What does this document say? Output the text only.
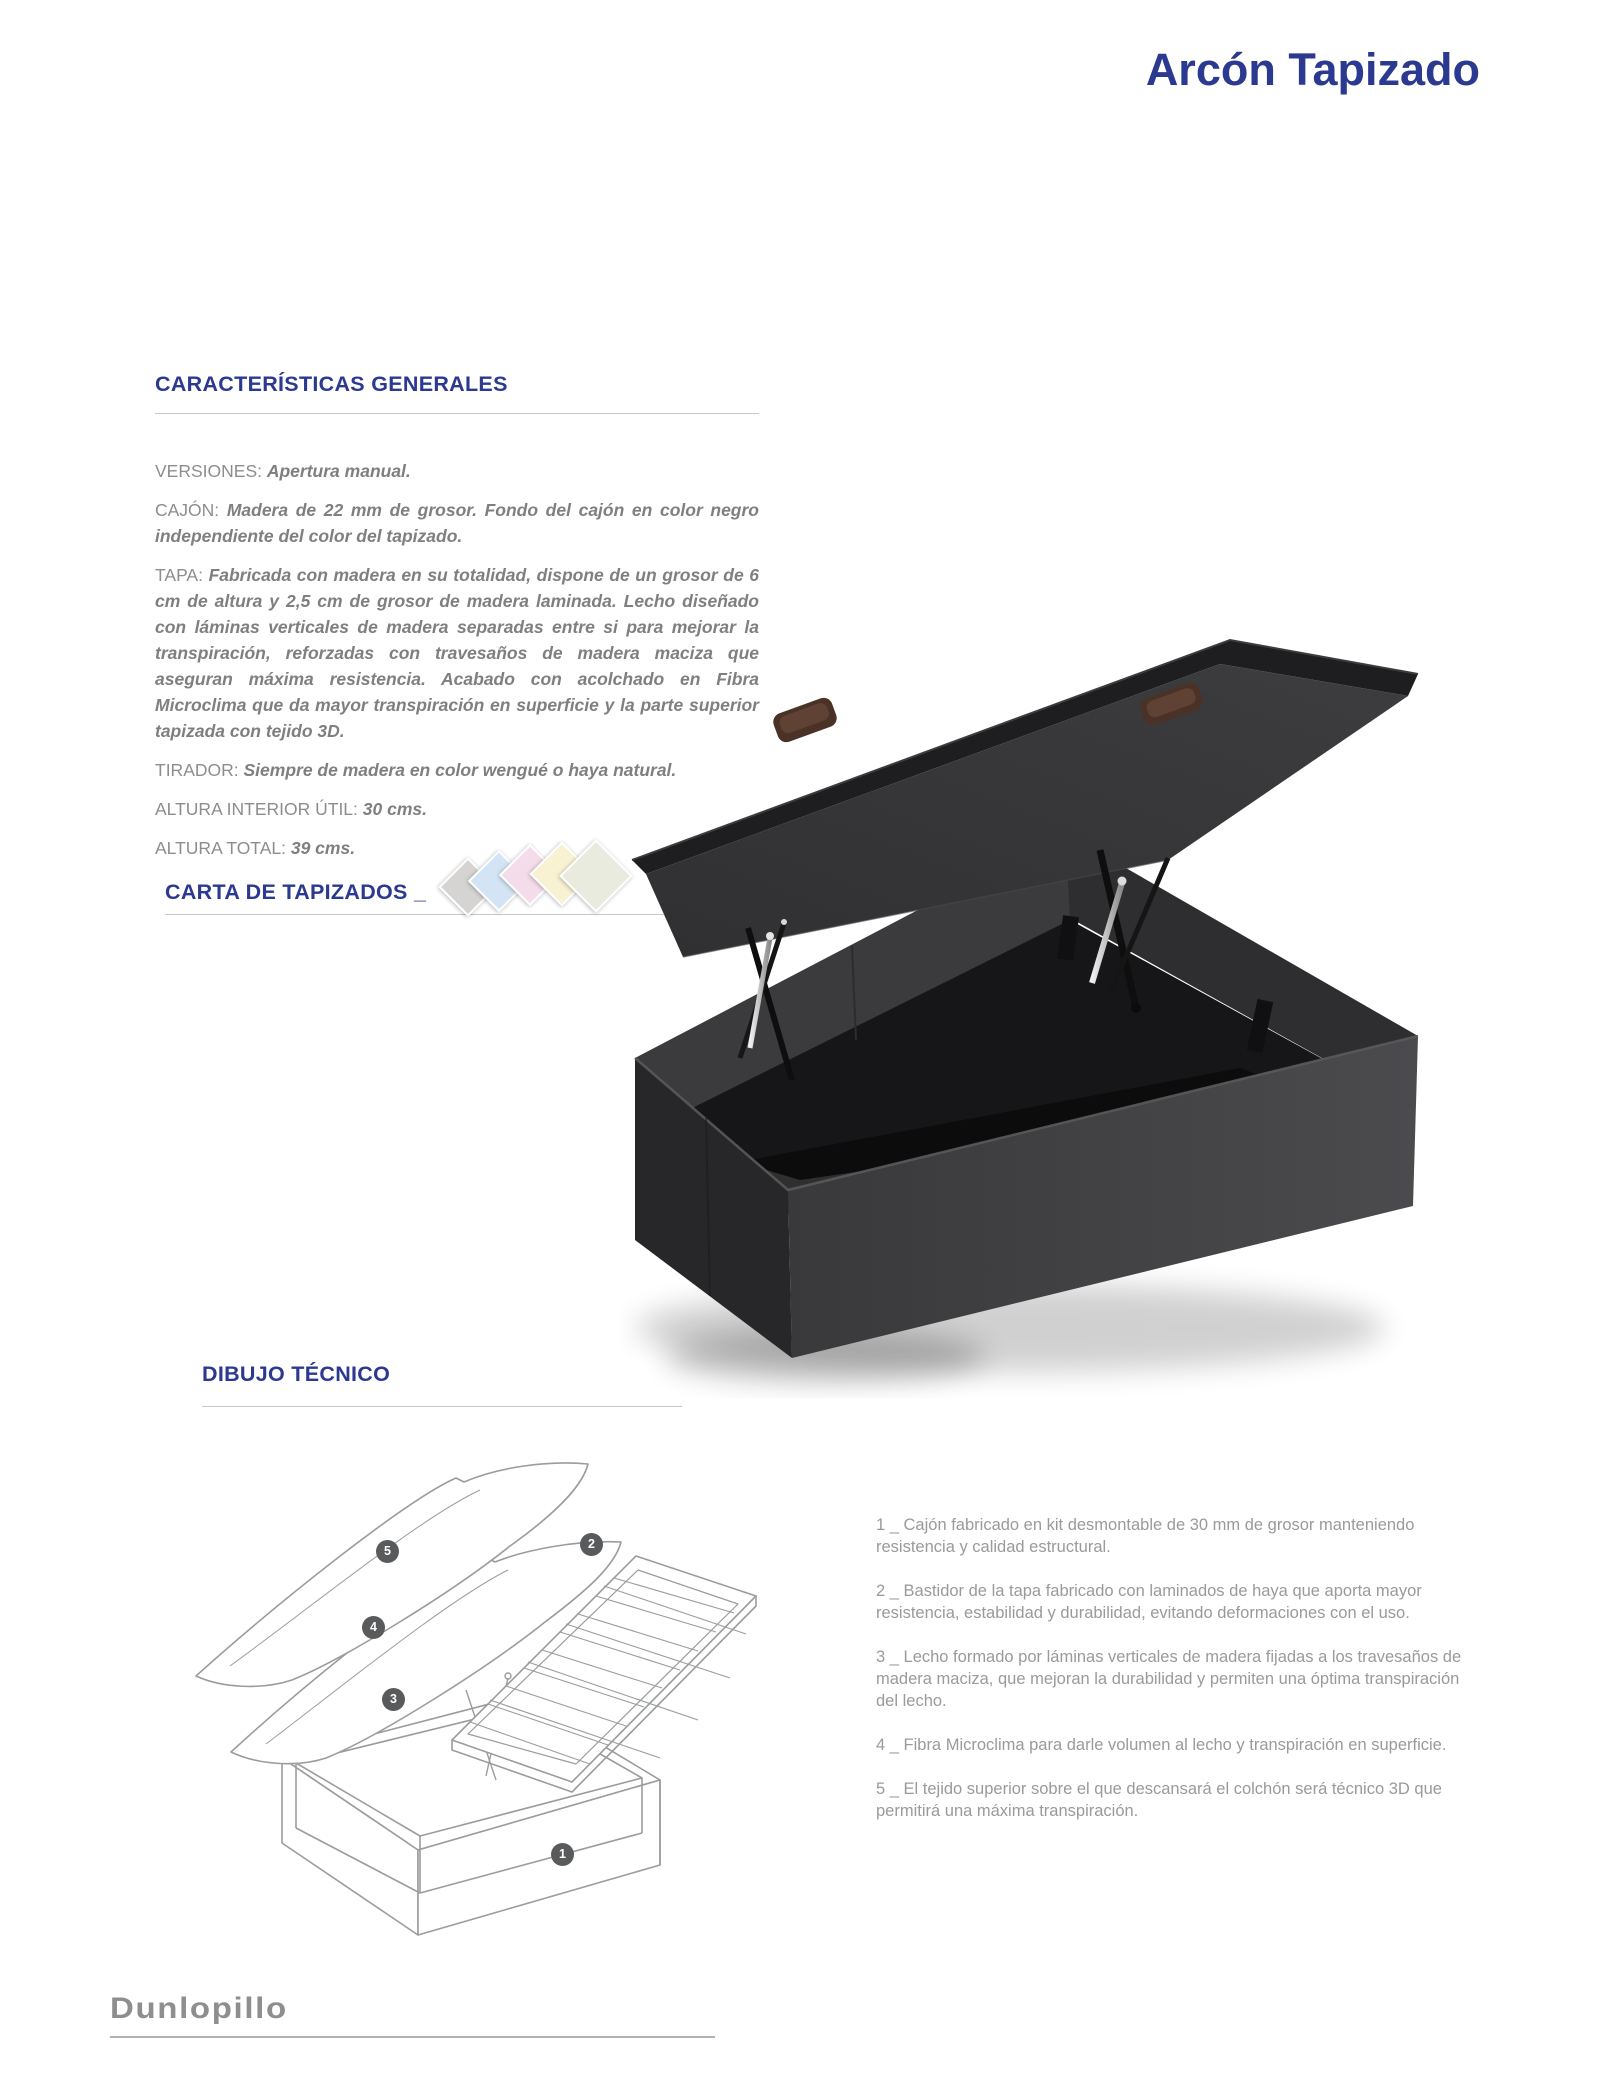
Arcón Tapizado
CARACTERÍSTICAS GENERALES

VERSIONES: Apertura manual.

CAJÓN: Madera de 22 mm de grosor. Fondo del cajón en color negro independiente del color del tapizado.

TAPA: Fabricada con madera en su totalidad, dispone de un grosor de 6 cm de altura y 2,5 cm de grosor de madera laminada. Lecho diseñado con láminas verticales de madera separadas entre si para mejorar la transpiración, reforzadas con travesaños de madera maciza que aseguran máxima resistencia. Acabado con acolchado en Fibra Microclima que da mayor transpiración en superficie y la parte superior tapizada con tejido 3D.

TIRADOR: Siempre de madera en color wengué o haya natural.

ALTURA INTERIOR ÚTIL: 30 cms.

ALTURA TOTAL: 39 cms.

CARTA DE TAPIZADOS _
DIBUJO TÉCNICO
5
4
3
2
1

1 _ Cajón fabricado en kit desmontable de 30 mm de grosor manteniendo resistencia y calidad estructural.

2 _ Bastidor de la tapa fabricado con laminados de haya que aporta mayor resistencia, estabilidad y durabilidad, evitando deformaciones con el uso.

3 _ Lecho formado por láminas verticales de madera fijadas a los travesaños de madera maciza, que mejoran la durabilidad y permiten una óptima transpiración del lecho.

4 _ Fibra Microclima para darle volumen al lecho y transpiración en superficie.

5 _ El tejido superior sobre el que descansará el colchón será técnico 3D que permitirá una máxima transpiración.

Dunlopillo
